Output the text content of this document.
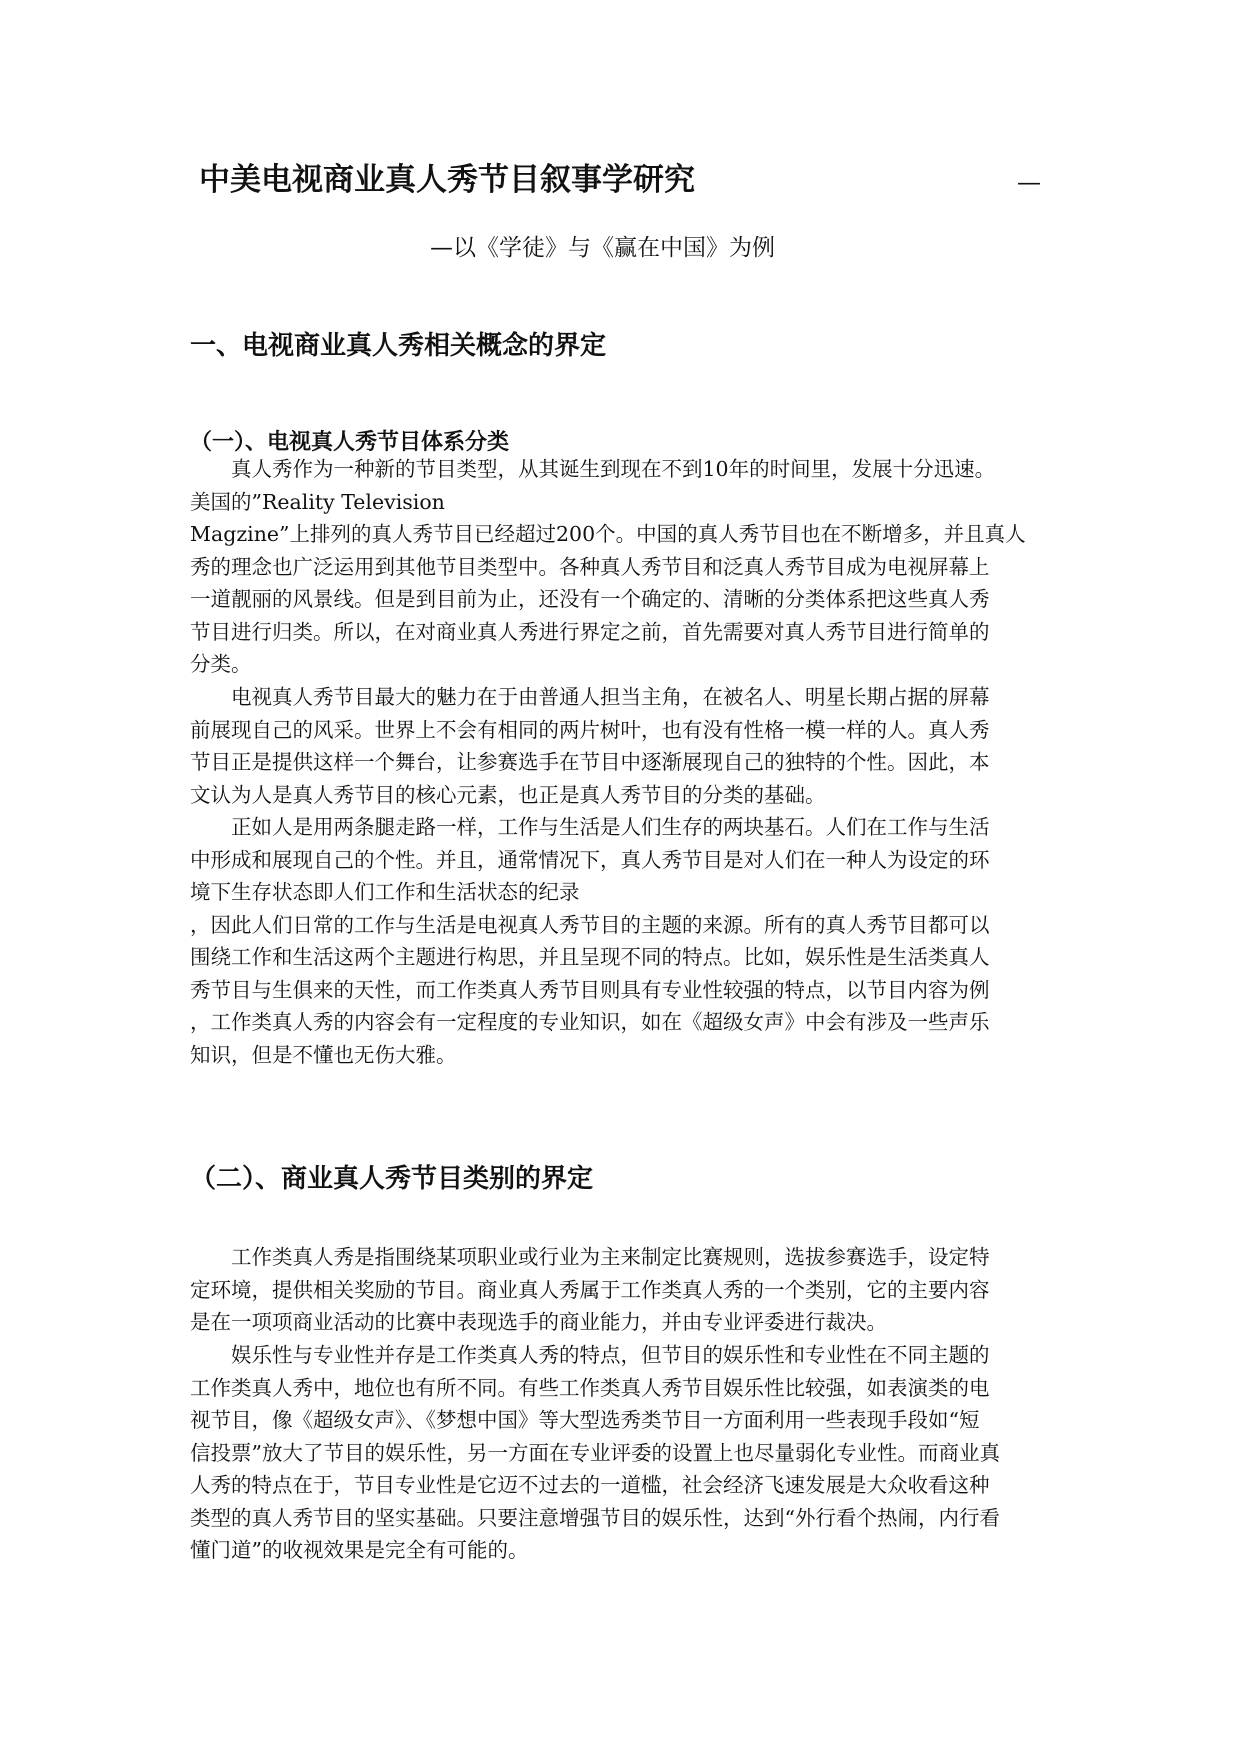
中美电视商业真人秀节目叙事学研究	—
—以《学徒》与《赢在中国》为例
一、电视商业真人秀相关概念的界定
（一）、电视真人秀节目体系分类
真人秀作为一种新的节目类型，从其诞生到现在不到10年的时间里，发展十分迅速。
美国的”Reality Television
Magzine”上排列的真人秀节目已经超过200个。中国的真人秀节目也在不断增多，并且真人
秀的理念也广泛运用到其他节目类型中。各种真人秀节目和泛真人秀节目成为电视屏幕上
一道靓丽的风景线。但是到目前为止，还没有一个确定的、清晰的分类体系把这些真人秀
节目进行归类。所以，在对商业真人秀进行界定之前，首先需要对真人秀节目进行简单的
分类。
电视真人秀节目最大的魅力在于由普通人担当主角，在被名人、明星长期占据的屏幕
前展现自己的风采。世界上不会有相同的两片树叶，也有没有性格一模一样的人。真人秀
节目正是提供这样一个舞台，让参赛选手在节目中逐渐展现自己的独特的个性。因此，本
文认为人是真人秀节目的核心元素，也正是真人秀节目的分类的基础。
正如人是用两条腿走路一样，工作与生活是人们生存的两块基石。人们在工作与生活
中形成和展现自己的个性。并且，通常情况下，真人秀节目是对人们在一种人为设定的环
境下生存状态即人们工作和生活状态的纪录
，因此人们日常的工作与生活是电视真人秀节目的主题的来源。所有的真人秀节目都可以
围绕工作和生活这两个主题进行构思，并且呈现不同的特点。比如，娱乐性是生活类真人
秀节目与生俱来的天性，而工作类真人秀节目则具有专业性较强的特点，以节目内容为例
，工作类真人秀的内容会有一定程度的专业知识，如在《超级女声》中会有涉及一些声乐
知识，但是不懂也无伤大雅。
（二）、商业真人秀节目类别的界定
工作类真人秀是指围绕某项职业或行业为主来制定比赛规则，选拔参赛选手，设定特
定环境，提供相关奖励的节目。商业真人秀属于工作类真人秀的一个类别，它的主要内容
是在一项项商业活动的比赛中表现选手的商业能力，并由专业评委进行裁决。
娱乐性与专业性并存是工作类真人秀的特点，但节目的娱乐性和专业性在不同主题的
工作类真人秀中，地位也有所不同。有些工作类真人秀节目娱乐性比较强，如表演类的电
视节目，像《超级女声》、《梦想中国》等大型选秀类节目一方面利用一些表现手段如“短
信投票”放大了节目的娱乐性，另一方面在专业评委的设置上也尽量弱化专业性。而商业真
人秀的特点在于，节目专业性是它迈不过去的一道槛，社会经济飞速发展是大众收看这种
类型的真人秀节目的坚实基础。只要注意增强节目的娱乐性，达到“外行看个热闹，内行看
懂门道”的收视效果是完全有可能的。
